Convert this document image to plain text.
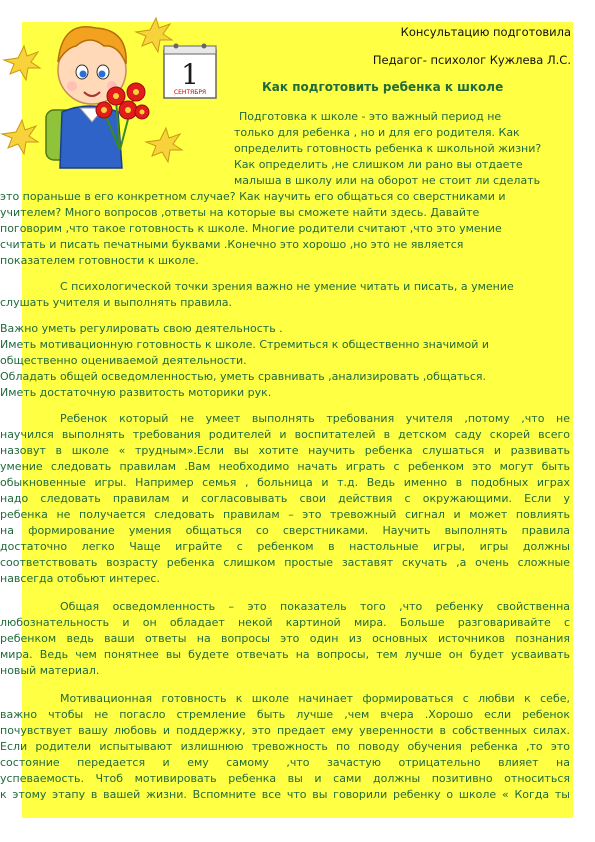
1
СЕНТЯБРЯ
Консультацию подготовила
Педагог- психолог Кужлева Л.С.
Как подготовить ребенка к школе
Подготовка к школе - это важный период не
только для ребенка , но и для его родителя. Как
определить готовность ребенка к школьной жизни?
Как определить ,не слишком ли рано вы отдаете
малыша в школу или на оборот не стоит ли сделать
это пораньше в его конкретном случае? Как научить его общаться со сверстниками и
учителем? Много вопросов ,ответы на которые вы сможете найти здесь. Давайте
поговорим ,что такое готовность к школе. Многие родители считают ,что это умение
считать и писать печатными буквами .Конечно это хорошо ,но это не является
показателем готовности к школе.
С психологической точки зрения важно не умение читать и писать, а умение
слушать учителя и выполнять правила.
Важно уметь регулировать свою деятельность .
Иметь мотивационную готовность к школе. Стремиться к общественно значимой и
общественно оцениваемой деятельности.
Обладать общей осведомленностью, уметь сравнивать ,анализировать ,общаться.
Иметь достаточную развитость моторики рук.
Ребенок который не умеет выполнять требования учителя ,потому ,что не
научился выполнять требования родителей и воспитателей в детском саду скорей всего
назовут в школе « трудным».Если вы хотите научить ребенка слушаться и развивать
умение следовать правилам .Вам необходимо начать играть с ребенком это могут быть
обыкновенные игры. Например семья , больница и т.д. Ведь именно в подобных играх
надо следовать правилам и согласовывать свои действия с окружающими. Если у
ребенка не получается следовать правилам – это тревожный сигнал и может повлиять
на формирование умения общаться со сверстниками. Научить выполнять правила
достаточно легко Чаще играйте с ребенком в настольные игры, игры должны
соответствовать возрасту ребенка слишком простые заставят скучать ,а очень сложные
навсегда отобьют интерес.
Общая осведомленность – это показатель того ,что ребенку свойственна
любознательность и он обладает некой картиной мира. Больше разговаривайте с
ребенком ведь ваши ответы на вопросы это один из основных источников познания
мира. Ведь чем понятнее вы будете отвечать на вопросы, тем лучше он будет усваивать
новый материал.
Мотивационная готовность к школе начинает формироваться с любви к себе,
важно чтобы не погасло стремление быть лучше ,чем вчера .Хорошо если ребенок
почувствует вашу любовь и поддержку, это предает ему уверенности в собственных силах.
Если родители испытывают излишнюю тревожность по поводу обучения ребенка ,то это
состояние передается и ему самому ,что зачастую отрицательно влияет на
успеваемость. Чтоб мотивировать ребенка вы и сами должны позитивно относиться
к этому этапу в вашей жизни. Вспомните все что вы говорили ребенку о школе « Когда ты
